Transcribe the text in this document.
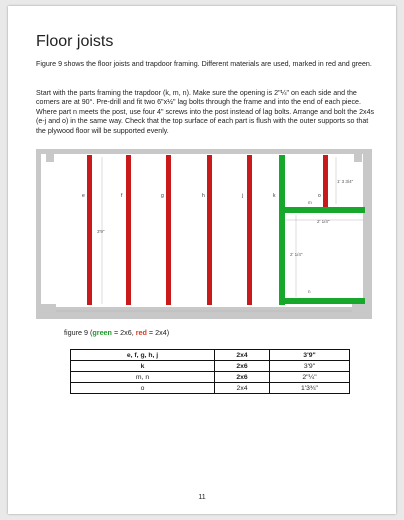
Floor joists

Figure 9 shows the floor joists and trapdoor framing. Different materials are used, marked in red and green.

Start with the parts framing the trapdoor (k, m, n). Make sure the opening is 2"¼" on each side and the corners are at 90°. Pre-drill and fit two 6"x½" lag bolts through the frame and into the end of each piece. Where part n meets the post, use four 4" screws into the post instead of lag bolts. Arrange and bolt the 2x4s (e-j and o) in the same way. Check that the top surface of each part is flush with the outer supports so that the plywood floor will be supported evenly.

e	f	g	h	j	k	o
3'9"
1' 3 3/4"
2' 1/4"
2' 1/4"
n
m
figure 9 (green = 2x6, red = 2x4)
e, f, g, h, j	2x4	3'9"
k	2x6	3'9"
m, n	2x6	2"¼"
o	2x4	1'3¾"
11
